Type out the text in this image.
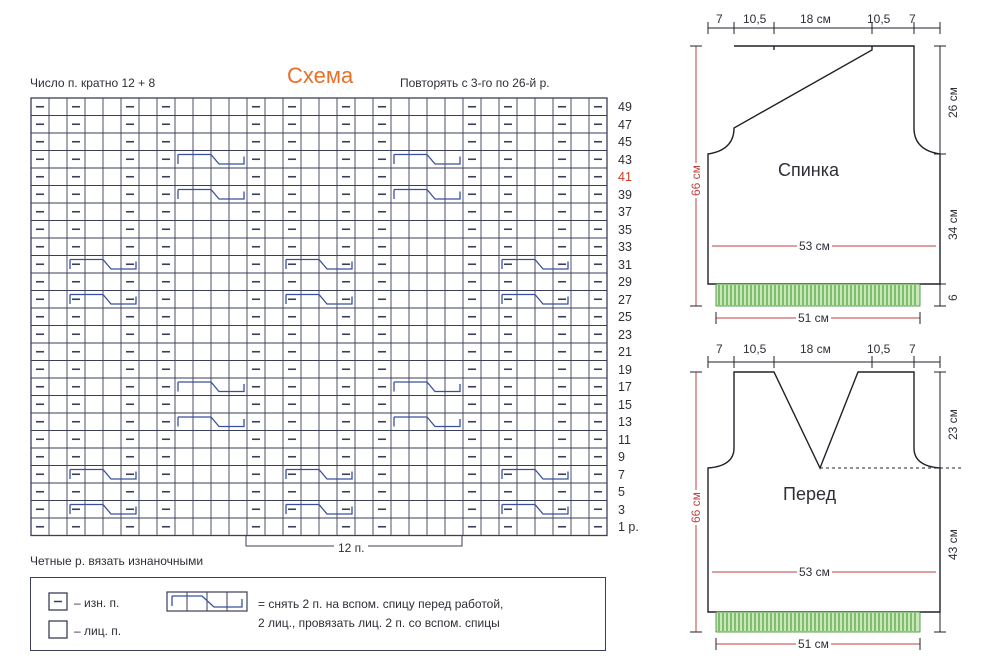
Число п. кратно 12 + 8	Схема	Повторять с 3-го по 26-й р.
49
47
45
43
41
39
37
35
33
31
29
27
25
23
21
19
17
15
13
11
9
7
5
3
1 р.
12 п.
Четные р. вязать изнаночными
– изн. п.
– лиц. п.
= снять 2 п. на вспом. спицу перед работой,
2 лиц., провязать лиц. 2 п. со вспом. спицы
7 10,5	18 см	10,5 7
Спинка
53 см
51 см
66 см
26 см
34 см
6
7 10,5	18 см	10,5 7
Перед
53 см
51 см
66 см
23 см
43 см
